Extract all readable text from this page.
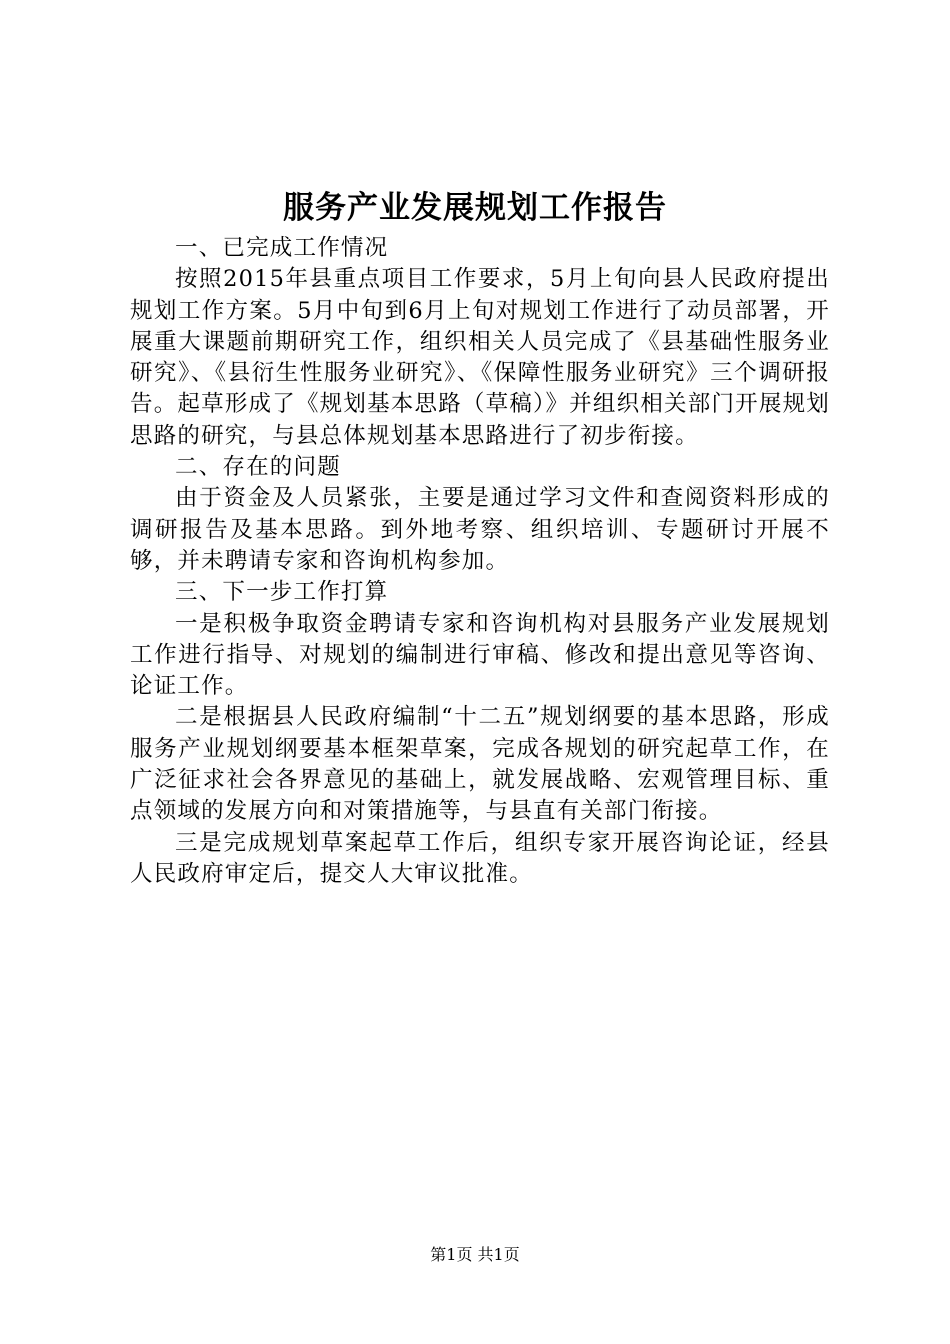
服务产业发展规划工作报告

一、已完成工作情况

按照2015年县重点项目工作要求，5月上旬向县人民政府提出规划工作方案。5月中旬到6月上旬对规划工作进行了动员部署，开展重大课题前期研究工作，组织相关人员完成了《县基础性服务业研究》、《县衍生性服务业研究》、《保障性服务业研究》三个调研报告。起草形成了《规划基本思路（草稿）》并组织相关部门开展规划思路的研究，与县总体规划基本思路进行了初步衔接。

二、存在的问题

由于资金及人员紧张，主要是通过学习文件和查阅资料形成的调研报告及基本思路。到外地考察、组织培训、专题研讨开展不够，并未聘请专家和咨询机构参加。

三、下一步工作打算

一是积极争取资金聘请专家和咨询机构对县服务产业发展规划工作进行指导、对规划的编制进行审稿、修改和提出意见等咨询、论证工作。

二是根据县人民政府编制“十二五”规划纲要的基本思路，形成服务产业规划纲要基本框架草案，完成各规划的研究起草工作，在广泛征求社会各界意见的基础上，就发展战略、宏观管理目标、重点领域的发展方向和对策措施等，与县直有关部门衔接。

三是完成规划草案起草工作后，组织专家开展咨询论证，经县人民政府审定后，提交人大审议批准。

第1页 共1页
